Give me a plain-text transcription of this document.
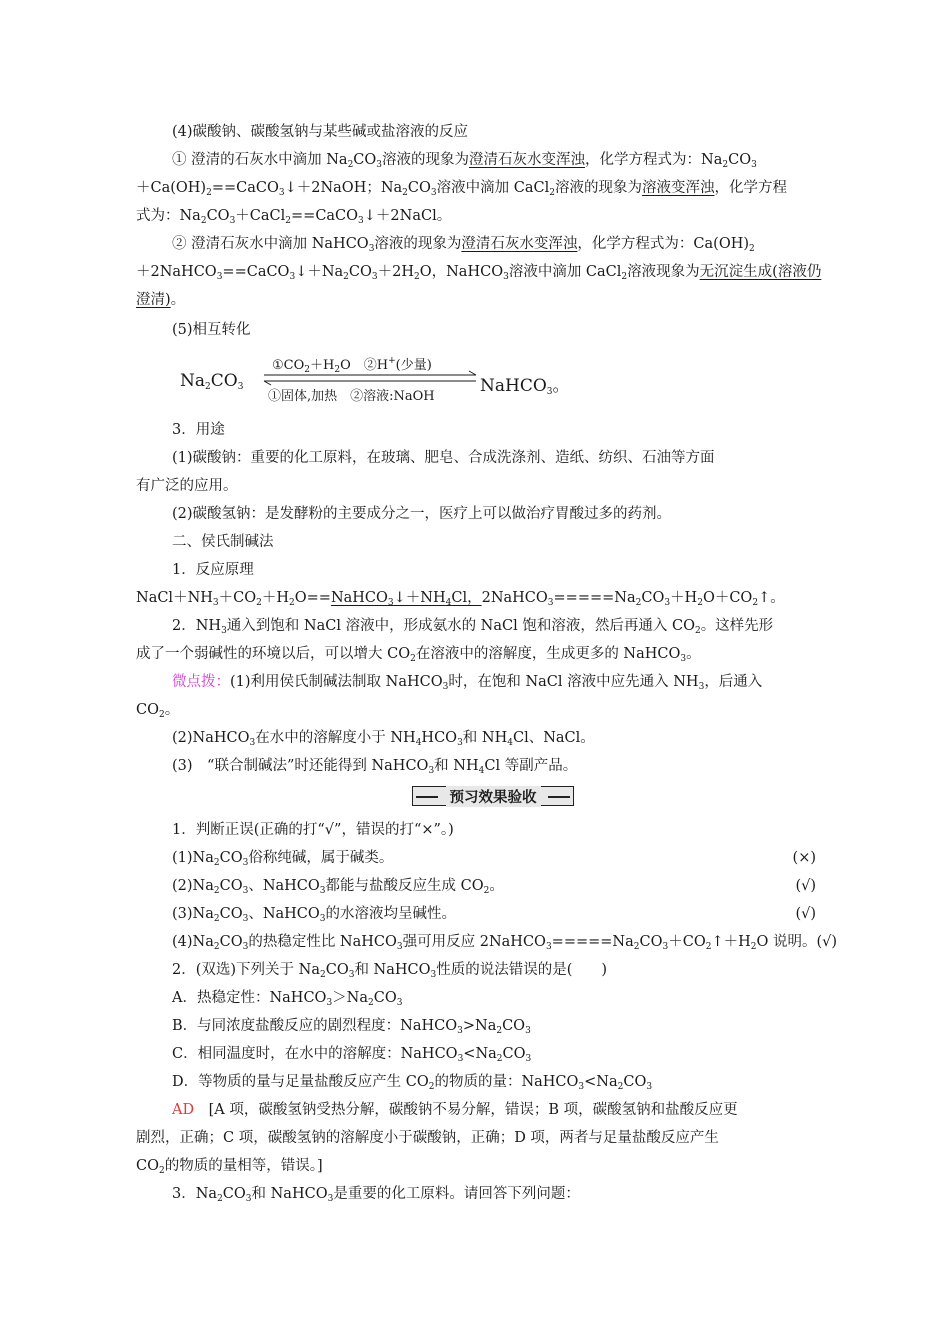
(4)碳酸钠、碳酸氢钠与某些碱或盐溶液的反应
① 澄清的石灰水中滴加 $Na_2CO_3$溶液的现象为澄清石灰水变浑浊，化学方程式为：$Na_2CO_3$
$+Ca(OH)_2==CaCO_3↓+2NaOH$；$Na_2CO_3$溶液中滴加 CaCl$_2$溶液的现象为溶液变浑浊，化学方程
式为：$Na_2CO_3+CaCl_2==CaCO_3↓+2NaCl$。
② 澄清石灰水中滴加 NaHCO$_3$溶液的现象为澄清石灰水变浑浊，化学方程式为：$Ca(OH)_2$
$+2NaHCO_3==CaCO_3↓+Na_2CO_3+2H_2O$，NaHCO$_3$溶液中滴加 CaCl$_2$溶液现象为无沉淀生成(溶液仍
澄清)。
(5)相互转化
$Na_2CO_3$
$①CO_2+H_2O$　②H+(少量)
①固体,加热　②溶液:NaOH
NaHCO$_3$。
3．用途
(1)碳酸钠：重要的化工原料，在玻璃、肥皂、合成洗涤剂、造纸、纺织、石油等方面
有广泛的应用。
(2)碳酸氢钠：是发酵粉的主要成分之一，医疗上可以做治疗胃酸过多的药剂。
二、侯氏制碱法
1．反应原理
$NaCl+NH_3+CO_2+H_2O==NaHCO_3↓+NH_4Cl$，$2NaHCO_3=====Na_2CO_3+H_2O+CO_2↑$。
2．$NH_3$通入到饱和 NaCl 溶液中，形成氨水的 NaCl 饱和溶液，然后再通入 $CO_2$。这样先形
成了一个弱碱性的环境以后，可以增大 $CO_2$在溶液中的溶解度，生成更多的 NaHCO$_3$。
微点拨：(1)利用侯氏制碱法制取 NaHCO$_3$时，在饱和 NaCl 溶液中应先通入 $NH_3$，后通入
$CO_2$。
(2)NaHCO$_3$在水中的溶解度小于 $NH_4HCO_3$和 $NH_4Cl$、NaCl。
(3)　“联合制碱法”时还能得到 NaHCO$_3$和 $NH_4Cl$ 等副产品。
预习效果验收
1．判断正误(正确的打“√”，错误的打“×”。)
$(1)Na_2CO_3$俗称纯碱，属于碱类。	(×)
$(2)Na_2CO_3$、NaHCO$_3$都能与盐酸反应生成 $CO_2$。	(√)
$(3)Na_2CO_3$、NaHCO$_3$的水溶液均呈碱性。	(√)
$(4)Na_2CO_3$的热稳定性比 NaHCO$_3$强可用反应 $2NaHCO_3=====Na_2CO_3+CO_2↑+H_2O$ 说明。(√)
2．(双选)下列关于 $Na_2CO_3$和 NaHCO$_3$性质的说法错误的是(　　)
A．热稳定性：$NaHCO_3>Na_2CO_3$
B．与同浓度盐酸反应的剧烈程度：$NaHCO_3>Na_2CO_3$
C．相同温度时，在水中的溶解度：$NaHCO_3<Na_2CO_3$
D．等物质的量与足量盐酸反应产生 $CO_2$的物质的量：$NaHCO_3<Na_2CO_3$
AD　[A 项，碳酸氢钠受热分解，碳酸钠不易分解，错误；B 项，碳酸氢钠和盐酸反应更
剧烈，正确；C 项，碳酸氢钠的溶解度小于碳酸钠，正确；D 项，两者与足量盐酸反应产生
$CO_2$的物质的量相等，错误。]
3．$Na_2CO_3$和 NaHCO$_3$是重要的化工原料。请回答下列问题：
